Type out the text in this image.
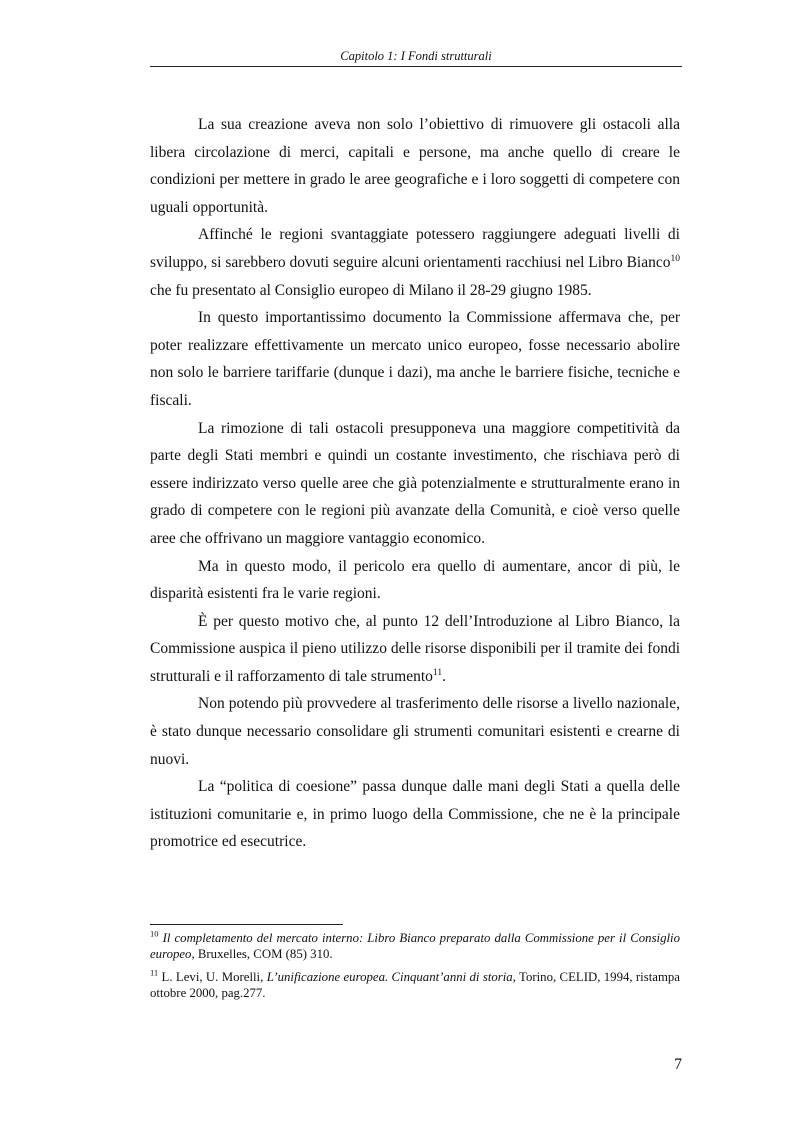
Capitolo 1: I Fondi strutturali

La sua creazione aveva non solo l’obiettivo di rimuovere gli ostacoli alla libera circolazione di merci, capitali e persone, ma anche quello di creare le condizioni per mettere in grado le aree geografiche e i loro soggetti di competere con uguali opportunità.

Affinché le regioni svantaggiate potessero raggiungere adeguati livelli di sviluppo, si sarebbero dovuti seguire alcuni orientamenti racchiusi nel Libro Bianco$^{10}$ che fu presentato al Consiglio europeo di Milano il 28-29 giugno 1985.

In questo importantissimo documento la Commissione affermava che, per poter realizzare effettivamente un mercato unico europeo, fosse necessario abolire non solo le barriere tariffarie (dunque i dazi), ma anche le barriere fisiche, tecniche e fiscali.

La rimozione di tali ostacoli presupponeva una maggiore competitività da parte degli Stati membri e quindi un costante investimento, che rischiava però di essere indirizzato verso quelle aree che già potenzialmente e strutturalmente erano in grado di competere con le regioni più avanzate della Comunità, e cioè verso quelle aree che offrivano un maggiore vantaggio economico.

Ma in questo modo, il pericolo era quello di aumentare, ancor di più, le disparità esistenti fra le varie regioni.

È per questo motivo che, al punto 12 dell’Introduzione al Libro Bianco, la Commissione auspica il pieno utilizzo delle risorse disponibili per il tramite dei fondi strutturali e il rafforzamento di tale strumento$^{11}$.

Non potendo più provvedere al trasferimento delle risorse a livello nazionale, è stato dunque necessario consolidare gli strumenti comunitari esistenti e crearne di nuovi.

La “politica di coesione” passa dunque dalle mani degli Stati a quella delle istituzioni comunitarie e, in primo luogo della Commissione, che ne è la principale promotrice ed esecutrice.

$^{10}$ Il completamento del mercato interno: Libro Bianco preparato dalla Commissione per il Consiglio europeo, Bruxelles, COM (85) 310.

$^{11}$ L. Levi, U. Morelli, L’unificazione europea. Cinquant’anni di storia, Torino, CELID, 1994, ristampa ottobre 2000, pag.277.

7
